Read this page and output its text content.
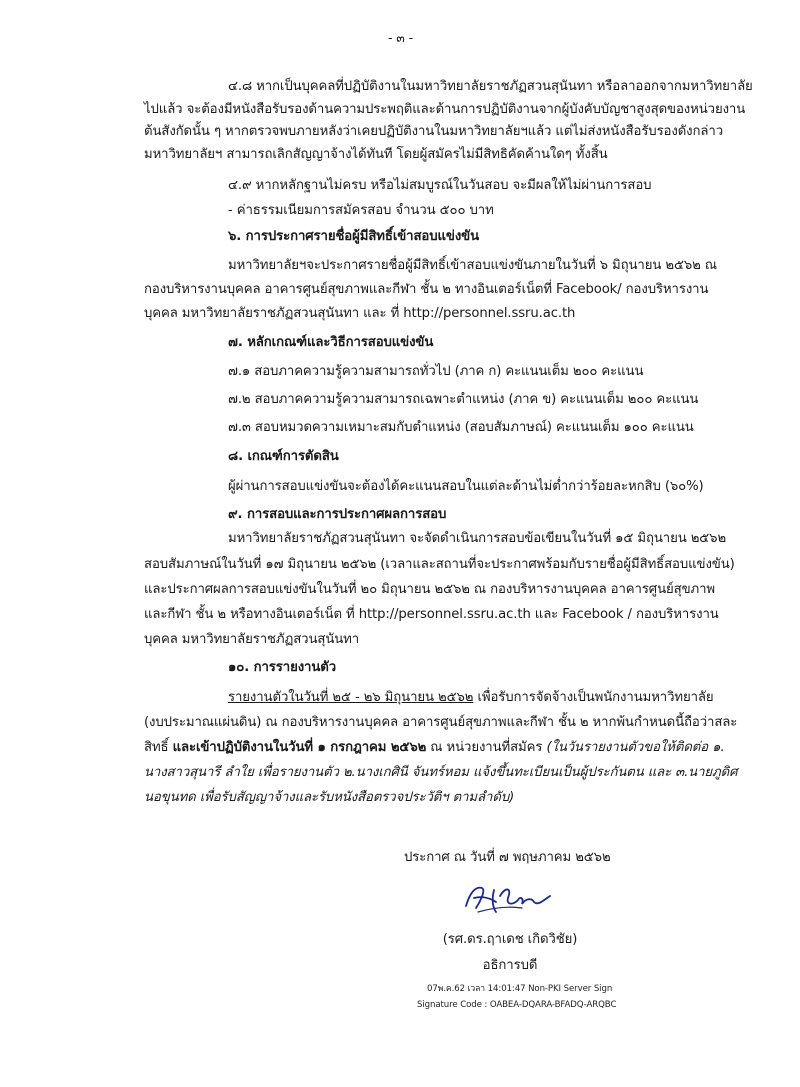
- ๓ -
๔.๘ หากเป็นบุคคลที่ปฏิบัติงานในมหาวิทยาลัยราชภัฏสวนสุนันทา หรือลาออกจากมหาวิทยาลัย
ไปแล้ว จะต้องมีหนังสือรับรองด้านความประพฤติและด้านการปฏิบัติงานจากผู้บังคับบัญชาสูงสุดของหน่วยงาน
ต้นสังกัดนั้น ๆ หากตรวจพบภายหลังว่าเคยปฏิบัติงานในมหาวิทยาลัยฯแล้ว แต่ไม่ส่งหนังสือรับรองดังกล่าว
มหาวิทยาลัยฯ สามารถเลิกสัญญาจ้างได้ทันที โดยผู้สมัครไม่มีสิทธิคัดค้านใดๆ ทั้งสิ้น
๔.๙ หากหลักฐานไม่ครบ หรือไม่สมบูรณ์ในวันสอบ จะมีผลให้ไม่ผ่านการสอบ
- ค่าธรรมเนียมการสมัครสอบ จำนวน ๕๐๐ บาท
๖. การประกาศรายชื่อผู้มีสิทธิ์เข้าสอบแข่งขัน
มหาวิทยาลัยฯจะประกาศรายชื่อผู้มีสิทธิ์เข้าสอบแข่งขันภายในวันที่ ๖ มิถุนายน ๒๕๖๒ ณ
กองบริหารงานบุคคล อาคารศูนย์สุขภาพและกีฬา ชั้น ๒ ทางอินเตอร์เน็ตที่ Facebook/ กองบริหารงาน
บุคคล มหาวิทยาลัยราชภัฏสวนสุนันทา และ ที่ http://personnel.ssru.ac.th
๗. หลักเกณฑ์และวิธีการสอบแข่งขัน
๗.๑ สอบภาคความรู้ความสามารถทั่วไป (ภาค ก) คะแนนเต็ม ๒๐๐ คะแนน
๗.๒ สอบภาคความรู้ความสามารถเฉพาะตำแหน่ง (ภาค ข) คะแนนเต็ม ๒๐๐ คะแนน
๗.๓ สอบหมวดความเหมาะสมกับตำแหน่ง (สอบสัมภาษณ์) คะแนนเต็ม ๑๐๐ คะแนน
๘. เกณฑ์การตัดสิน
ผู้ผ่านการสอบแข่งขันจะต้องได้คะแนนสอบในแต่ละด้านไม่ต่ำกว่าร้อยละหกสิบ (๖๐%)
๙. การสอบและการประกาศผลการสอบ
มหาวิทยาลัยราชภัฏสวนสุนันทา จะจัดดำเนินการสอบข้อเขียนในวันที่ ๑๕ มิถุนายน ๒๕๖๒
สอบสัมภาษณ์ในวันที่ ๑๗ มิถุนายน ๒๕๖๒ (เวลาและสถานที่จะประกาศพร้อมกับรายชื่อผู้มีสิทธิ์สอบแข่งขัน)
และประกาศผลการสอบแข่งขันในวันที่ ๒๐ มิถุนายน ๒๕๖๒ ณ กองบริหารงานบุคคล อาคารศูนย์สุขภาพ
และกีฬา ชั้น ๒ หรือทางอินเตอร์เน็ต ที่ http://personnel.ssru.ac.th และ Facebook / กองบริหารงาน
บุคคล มหาวิทยาลัยราชภัฏสวนสุนันทา
๑๐. การรายงานตัว
รายงานตัวในวันที่ ๒๕ - ๒๖ มิถุนายน ๒๕๖๒ เพื่อรับการจัดจ้างเป็นพนักงานมหาวิทยาลัย
(งบประมาณแผ่นดิน) ณ กองบริหารงานบุคคล อาคารศูนย์สุขภาพและกีฬา ชั้น ๒ หากพ้นกำหนดนี้ถือว่าสละ
สิทธิ์ และเข้าปฏิบัติงานในวันที่ ๑ กรกฎาคม ๒๕๖๒ ณ หน่วยงานที่สมัคร (ในวันรายงานตัวขอให้ติดต่อ ๑.
นางสาวสุนารี ลำใย เพื่อรายงานตัว ๒.นางเกศินี จันทร์หอม แจ้งขึ้นทะเบียนเป็นผู้ประกันตน และ ๓.นายภูดิศ
นอขุนทด เพื่อรับสัญญาจ้างและรับหนังสือตรวจประวัติฯ ตามลำดับ)
ประกาศ ณ วันที่ ๗ พฤษภาคม ๒๕๖๒
(รศ.ดร.ฤาเดช เกิดวิชัย)
อธิการบดี
07พ.ค.62 เวลา 14:01:47 Non-PKI Server Sign
Signature Code : OABEA-DQARA-BFADQ-ARQBC
